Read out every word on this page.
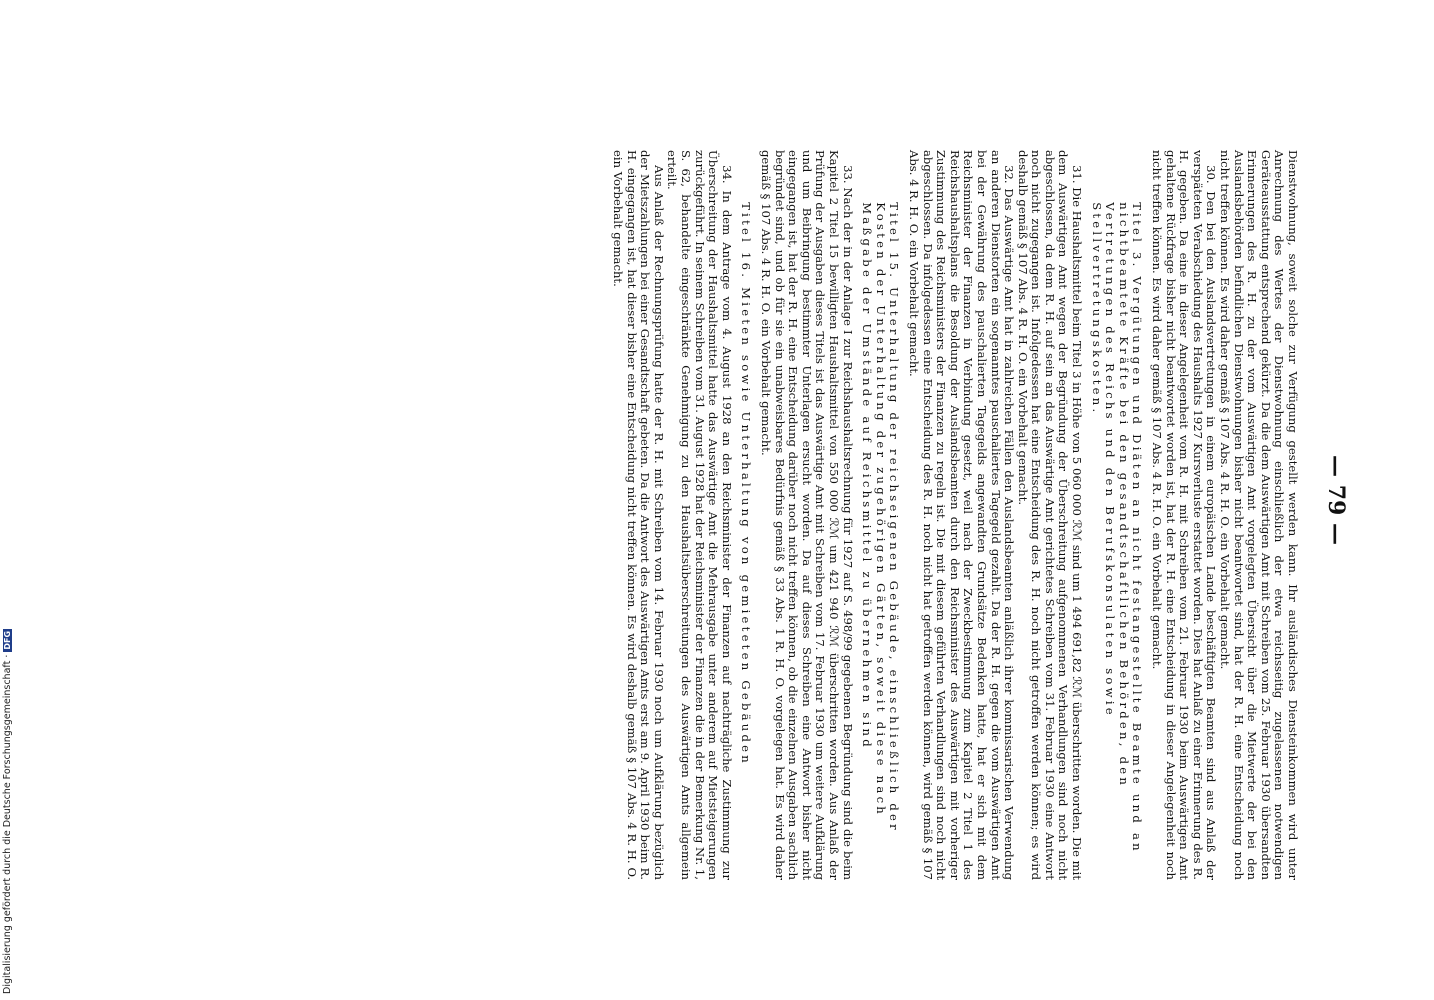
— 79 —

Dienstwohnung, soweit solche zur Verfügung gestellt werden kann. Ihr ausländisches Diensteinkommen wird unter Anrechnung des Wertes der Dienstwohnung einschließlich der etwa reichsseitig zugelassenen notwendigen Geräteausstattung entsprechend gekürzt. Da die dem Auswärtigen Amt mit Schreiben vom 25. Februar 1930 übersandten Erinnerungen des R. H. zu der vom Auswärtigen Amt vorgelegten Übersicht über die Mietwerte der bei den Auslandsbehörden befindlichen Dienstwohnungen bisher nicht beantwortet sind, hat der R. H. eine Entscheidung noch nicht treffen können. Es wird daher gemäß § 107 Abs. 4 R. H. O. ein Vorbehalt gemacht.

30. Den bei den Auslandsvertretungen in einem europäischen Lande beschäftigten Beamten sind aus Anlaß der verspäteten Verabschiedung des Haushalts 1927 Kursverluste erstattet worden. Dies hat Anlaß zu einer Erinnerung des R. H. gegeben. Da eine in dieser Angelegenheit vom R. H. mit Schreiben vom 21. Februar 1930 beim Auswärtigen Amt gehaltene Rückfrage bisher nicht beantwortet worden ist, hat der R. H. eine Entscheidung in dieser Angelegenheit noch nicht treffen können. Es wird daher gemäß § 107 Abs. 4 R. H. O. ein Vorbehalt gemacht.

Titel 3. Vergütungen und Diäten an nicht festangestellte Beamte und an nichtbeamtete Kräfte bei den gesandtschaftlichen Behörden, den Vertretungen des Reichs und den Berufskonsulaten sowie Stellvertretungskosten.

31. Die Haushaltsmittel beim Titel 3 in Höhe von 5 060 000 ℛℳ sind um 1 494 691,82 ℛℳ überschritten worden. Die mit dem Auswärtigen Amt wegen der Begründung der Überschreitung aufgenommenen Verhandlungen sind noch nicht abgeschlossen, da dem R. H. auf sein an das Auswärtige Amt gerichtetes Schreiben vom 31. Februar 1930 eine Antwort noch nicht zugegangen ist. Infolgedessen hat eine Entscheidung des R. H. noch nicht getroffen werden können; es wird deshalb gemäß § 107 Abs. 4 R. H. O. ein Vorbehalt gemacht.

32. Das Auswärtige Amt hat in zahlreichen Fällen den Auslandsbeamten anläßlich ihrer kommissarischen Verwendung an anderen Dienstorten ein sogenanntes pauschaliertes Tagegeld gezahlt. Da der R. H. gegen die vom Auswärtigen Amt bei der Gewährung des pauschalierten Tagegelds angewandten Grundsätze Bedenken hatte, hat er sich mit dem Reichsminister der Finanzen in Verbindung gesetzt, weil nach der Zweckbestimmung zum Kapitel 2 Titel 1 des Reichshaushaltsplans die Besoldung der Auslandsbeamten durch den Reichsminister des Auswärtigen mit vorheriger Zustimmung des Reichsministers der Finanzen zu regeln ist. Die mit diesem geführten Verhandlungen sind noch nicht abgeschlossen. Da infolgedessen eine Entscheidung des R. H. noch nicht hat getroffen werden können, wird gemäß § 107 Abs. 4 R. H. O. ein Vorbehalt gemacht.

Titel 15. Unterhaltung der reichseigenen Gebäude, einschließlich der Kosten der Unterhaltung der zugehörigen Gärten, soweit diese nach Maßgabe der Umstände auf Reichsmittel zu übernehmen sind

33. Nach der in der Anlage I zur Reichshaushaltsrechnung für 1927 auf S. 498/99 gegebenen Begründung sind die beim Kapitel 2 Titel 15 bewilligten Haushaltsmittel von 550 000 ℛℳ um 421 940 ℛℳ überschritten worden. Aus Anlaß der Prüfung der Ausgaben dieses Titels ist das Auswärtige Amt mit Schreiben vom 17. Februar 1930 um weitere Aufklärung und um Beibringung bestimmter Unterlagen ersucht worden. Da auf dieses Schreiben eine Antwort bisher nicht eingegangen ist, hat der R. H. eine Entscheidung darüber noch nicht treffen können, ob die einzelnen Ausgaben sachlich begründet sind, und ob für sie ein unabweisbares Bedürfnis gemäß § 33 Abs. 1 R. H. O. vorgelegen hat. Es wird daher gemäß § 107 Abs. 4 R. H. O. ein Vorbehalt gemacht.

Titel 16. Mieten sowie Unterhaltung von gemieteten Gebäuden

34. In dem Antrage vom 4. August 1928 an den Reichsminister der Finanzen auf nachträgliche Zustimmung zur Überschreitung der Haushaltsmittel hatte das Auswärtige Amt die Mehrausgabe unter anderem auf Mietsteigerungen zurückgeführt. In seinem Schreiben vom 31. August 1928 hat der Reichsminister der Finanzen die in der Bemerkung Nr. 1, S. 62, behandelte eingeschränkte Genehmigung zu den Haushaltsüberschreitungen des Auswärtigen Amts allgemein erteilt.

Aus Anlaß der Rechnungsprüfung hatte der R. H. mit Schreiben vom 14. Februar 1930 noch um Aufklärung bezüglich der Mietszahlungen bei einer Gesandtschaft gebeten. Da die Antwort des Auswärtigen Amts erst am 9. April 1930 beim R. H. eingegangen ist, hat dieser bisher eine Entscheidung nicht treffen können. Es wird deshalb gemäß § 107 Abs. 4 R. H. O. ein Vorbehalt gemacht.

Digitalisierung gefördert durch die Deutsche Forschungsgemeinschaft ·DFG
